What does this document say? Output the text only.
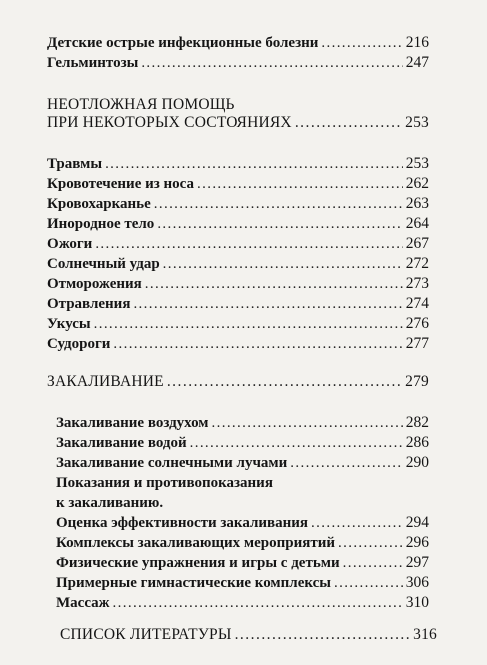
Детские острые инфекционные болезни . . .	216
Гельминтозы . . .	247
НЕОТЛОЖНАЯ ПОМОЩЬ
ПРИ НЕКОТОРЫХ СОСТОЯНИЯХ . . .	253
Травмы . . .	253
Кровотечение из носа . . .	262
Кровохарканье . . .	263
Инородное тело . . .	264
Ожоги . . .	267
Солнечный удар . . .	272
Отморожения . . .	273
Отравления . . .	274
Укусы . . .	276
Судороги . . .	277
ЗАКАЛИВАНИЕ . . .	279
Закаливание воздухом . . .	282
Закаливание водой . . .	286
Закаливание солнечными лучами . . .	290
Показания и противопоказания
к закаливанию.
Оценка эффективности закаливания . . .	294
Комплексы закаливающих мероприятий . . .	296
Физические упражнения и игры с детьми . . .	297
Примерные гимнастические комплексы . . .	306
Массаж . . .	310
СПИСОК ЛИТЕРАТУРЫ . . .	316
